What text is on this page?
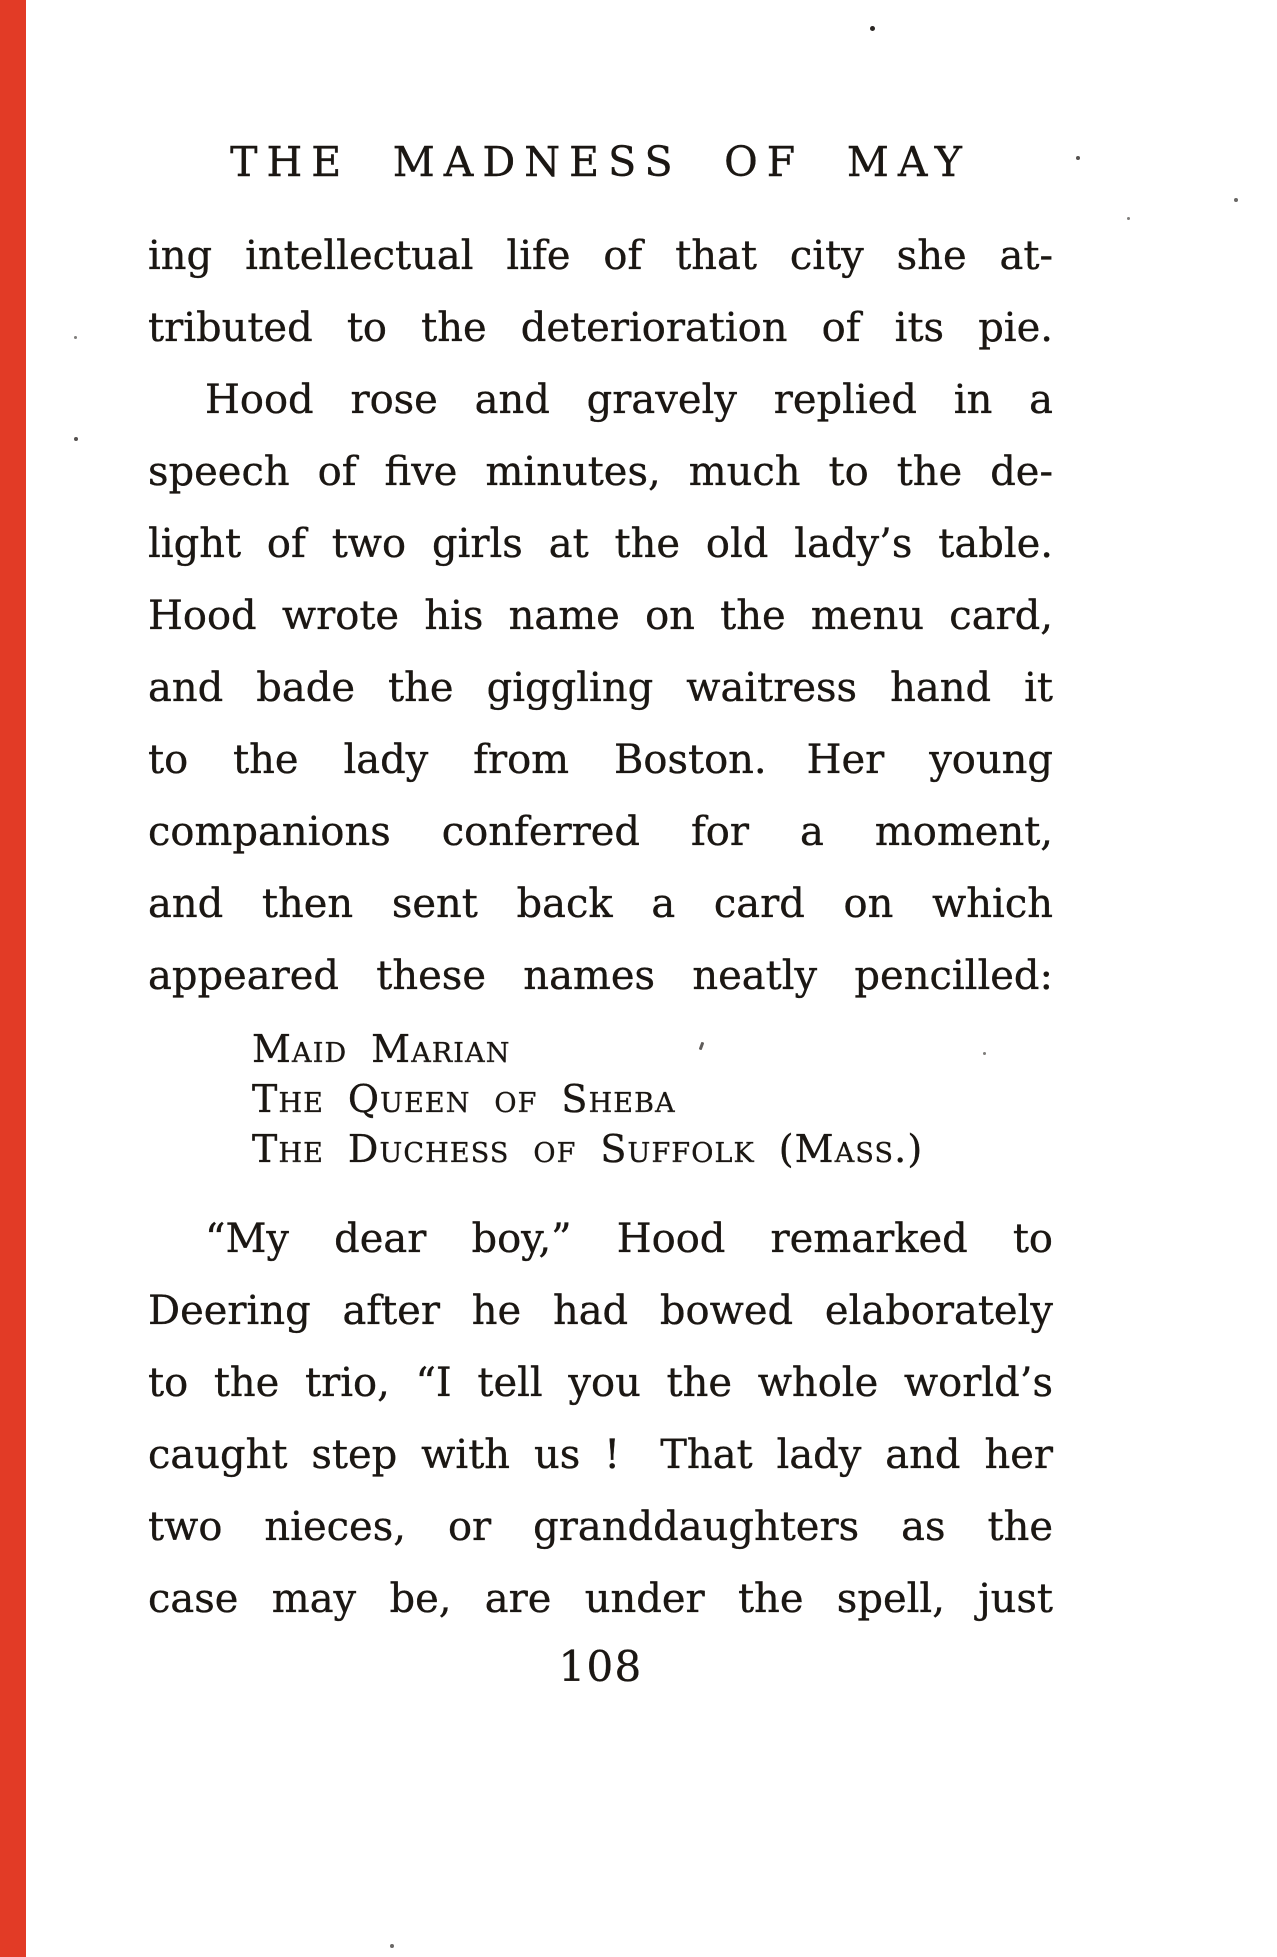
THE MADNESS OF MAY
ing intellectual life of that city she at-
tributed to the deterioration of its pie.
Hood rose and gravely replied in a
speech of five minutes, much to the de-
light of two girls at the old lady’s table.
Hood wrote his name on the menu card,
and bade the giggling waitress hand it
to the lady from Boston. Her young
companions conferred for a moment,
and then sent back a card on which
appeared these names neatly pencilled:
Maid Marian
The Queen of Sheba
The Duchess of Suffolk (Mass.)
“My dear boy,” Hood remarked to
Deering after he had bowed elaborately
to the trio, “I tell you the whole world’s
caught step with us ! That lady and her
two nieces, or granddaughters as the
case may be, are under the spell, just
108
